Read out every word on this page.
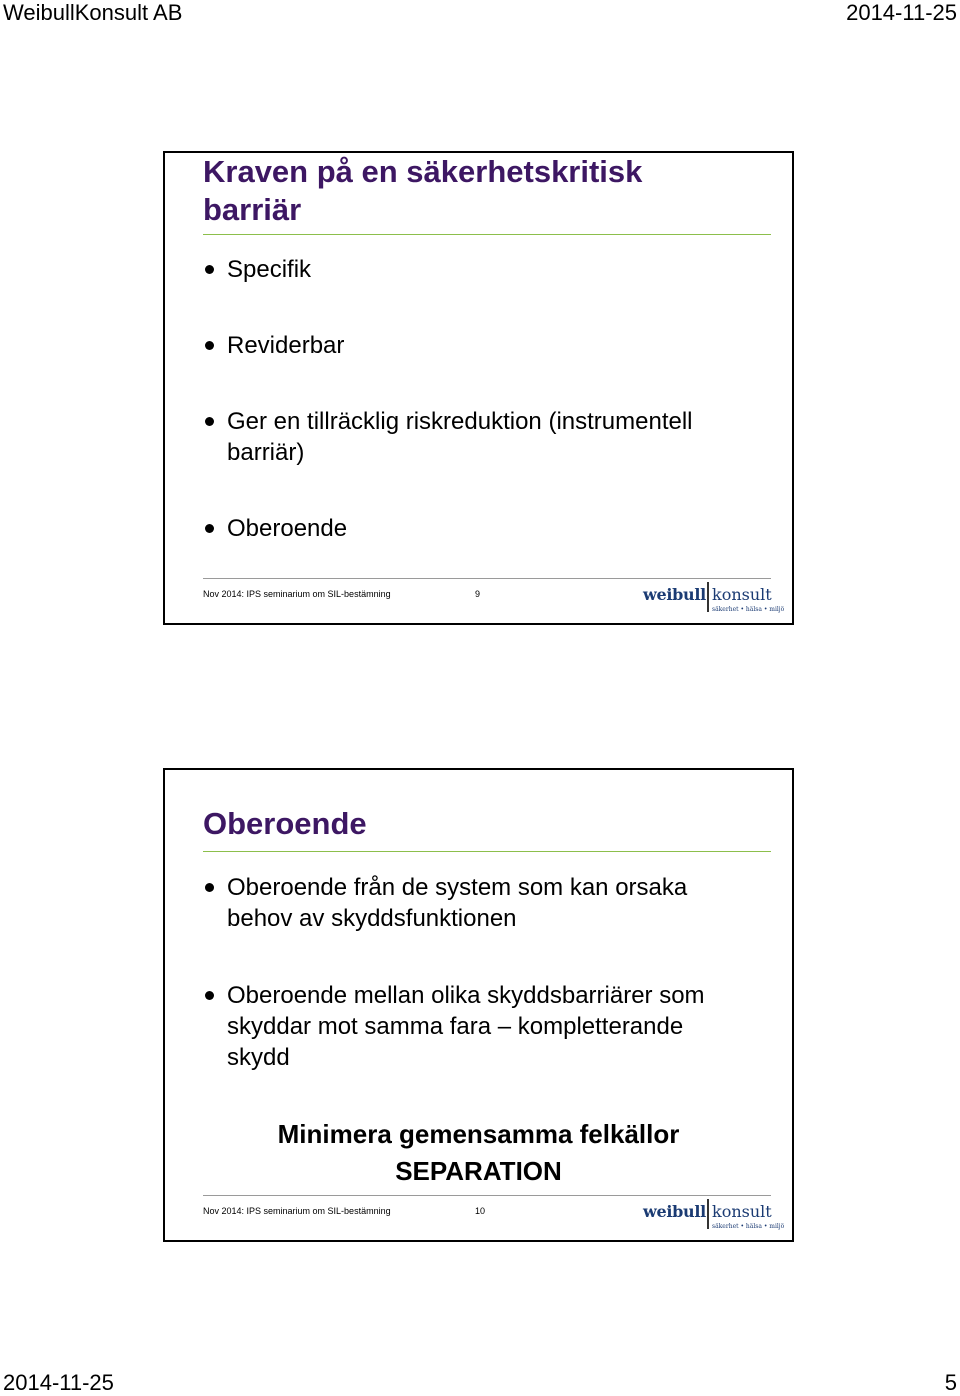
WeibullKonsult AB	2014-11-25
Kraven på en säkerhetskritisk
barriär
Specifik
Reviderbar
Ger en tillräcklig riskreduktion (instrumentell
barriär)
Oberoende
Nov 2014: IPS seminarium om SIL-bestämning	9	weibull konsult
säkerhet • hälsa • miljö
Oberoende
Oberoende från de system som kan orsaka
behov av skyddsfunktionen
Oberoende mellan olika skyddsbarriärer som
skyddar mot samma fara – kompletterande
skydd
Minimera gemensamma felkällor
SEPARATION
Nov 2014: IPS seminarium om SIL-bestämning	10	weibull konsult
säkerhet • hälsa • miljö
2014-11-25	5
